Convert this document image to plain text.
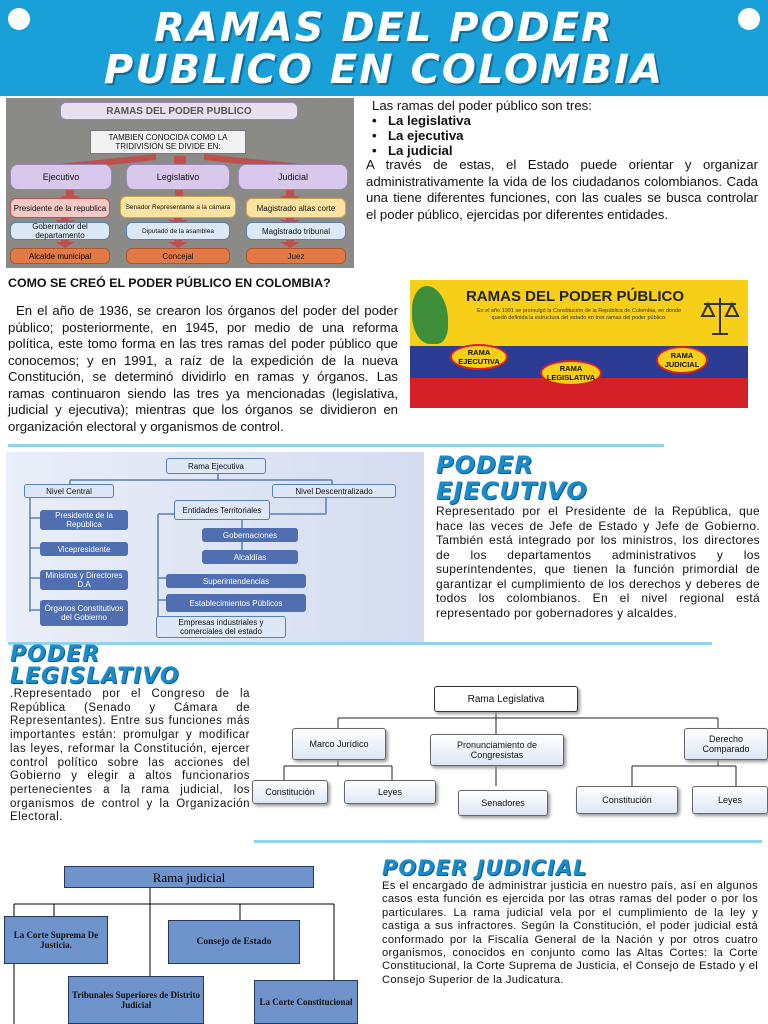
RAMAS DEL PODER
PUBLICO EN COLOMBIA
RAMAS DEL PODER PUBLICO
TAMBIEN CONOCIDA COMO LA TRIDIVISION SE DIVIDE EN:
Ejecutivo	Legislativo	Judicial
Presidente de la republica	Senador Representante a la cámara	Magistrado altas corte
Gobernador del departamento	Diputado de la asamblea	Magistrado tribunal
Alcalde municipal	Concejal	Juez
Las ramas del poder público son tres:
• La legislativa
• La ejecutiva
• La judicial
A través de estas, el Estado puede orientar y organizar administrativamente la vida de los ciudadanos colombianos. Cada una tiene diferentes funciones, con las cuales se busca controlar el poder público, ejercidas por diferentes entidades.
COMO SE CREÓ EL PODER PÚBLICO EN COLOMBIA?
En el año de 1936, se crearon los órganos del poder del poder público; posteriormente, en 1945, por medio de una reforma política, este tomo forma en las tres ramas del poder público que conocemos; y en 1991, a raíz de la expedición de la nueva Constitución, se determinó dividirlo en ramas y órganos. Las ramas continuaron siendo las tres ya mencionadas (legislativa, judicial y ejecutiva); mientras que los órganos se dividieron en organización electoral y organismos de control.
RAMAS DEL PODER PÚBLICO
En el año 1991 se promulgó la Constitución de la República de Colombia, en donde quedó definida la estructura del estado en tres ramas del poder público:
RAMA EJECUTIVA
RAMA LEGISLATIVA
RAMA JUDICIAL
Rama Ejecutiva
Nivel Central	Nivel Descentralizado
Presidente de la República
Vicepresidente
Ministros y Directores D.A
Órganos Constitutivos del Gobierno
Entidades Territoriales
Gobernaciones
Alcaldías
Superintendencias
Establecimientos Públicos
Empresas industriales y comerciales del estado
PODER
EJECUTIVO
Representado por el Presidente de la República, que hace las veces de Jefe de Estado y Jefe de Gobierno. También está integrado por los ministros, los directores de los departamentos administrativos y los superintendentes, que tienen la función primordial de garantizar el cumplimiento de los derechos y deberes de todos los colombianos. En el nivel regional está representado por gobernadores y alcaldes.
PODER
LEGISLATIVO
.Representado por el Congreso de la República (Senado y Cámara de Representantes). Entre sus funciones más importantes están: promulgar y modificar las leyes, reformar la Constitución, ejercer control político sobre las acciones del Gobierno y elegir a altos funcionarios pertenecientes a la rama judicial, los organismos de control y la Organización Electoral.
Rama Legislativa
Marco Jurídico	Pronunciamiento de Congresistas
Derecho Comparado
Constitución	Leyes
Senadores	Constitución	Leyes
Rama judicial
La Corte Suprema De Justicia.	Consejo de Estado
Tribunales Superiores de Distrito Judicial	La Corte Constitucional
PODER JUDICIAL
Es el encargado de administrar justicia en nuestro país, así en algunos casos esta función es ejercida por las otras ramas del poder o por los particulares. La rama judicial vela por el cumplimiento de la ley y castiga a sus infractores. Según la Constitución, el poder judicial está conformado por la Fiscalía General de la Nación y por otros cuatro organismos, conocidos en conjunto como las Altas Cortes: la Corte Constitucional, la Corte Suprema de Justicia, el Consejo de Estado y el Consejo Superior de la Judicatura.
